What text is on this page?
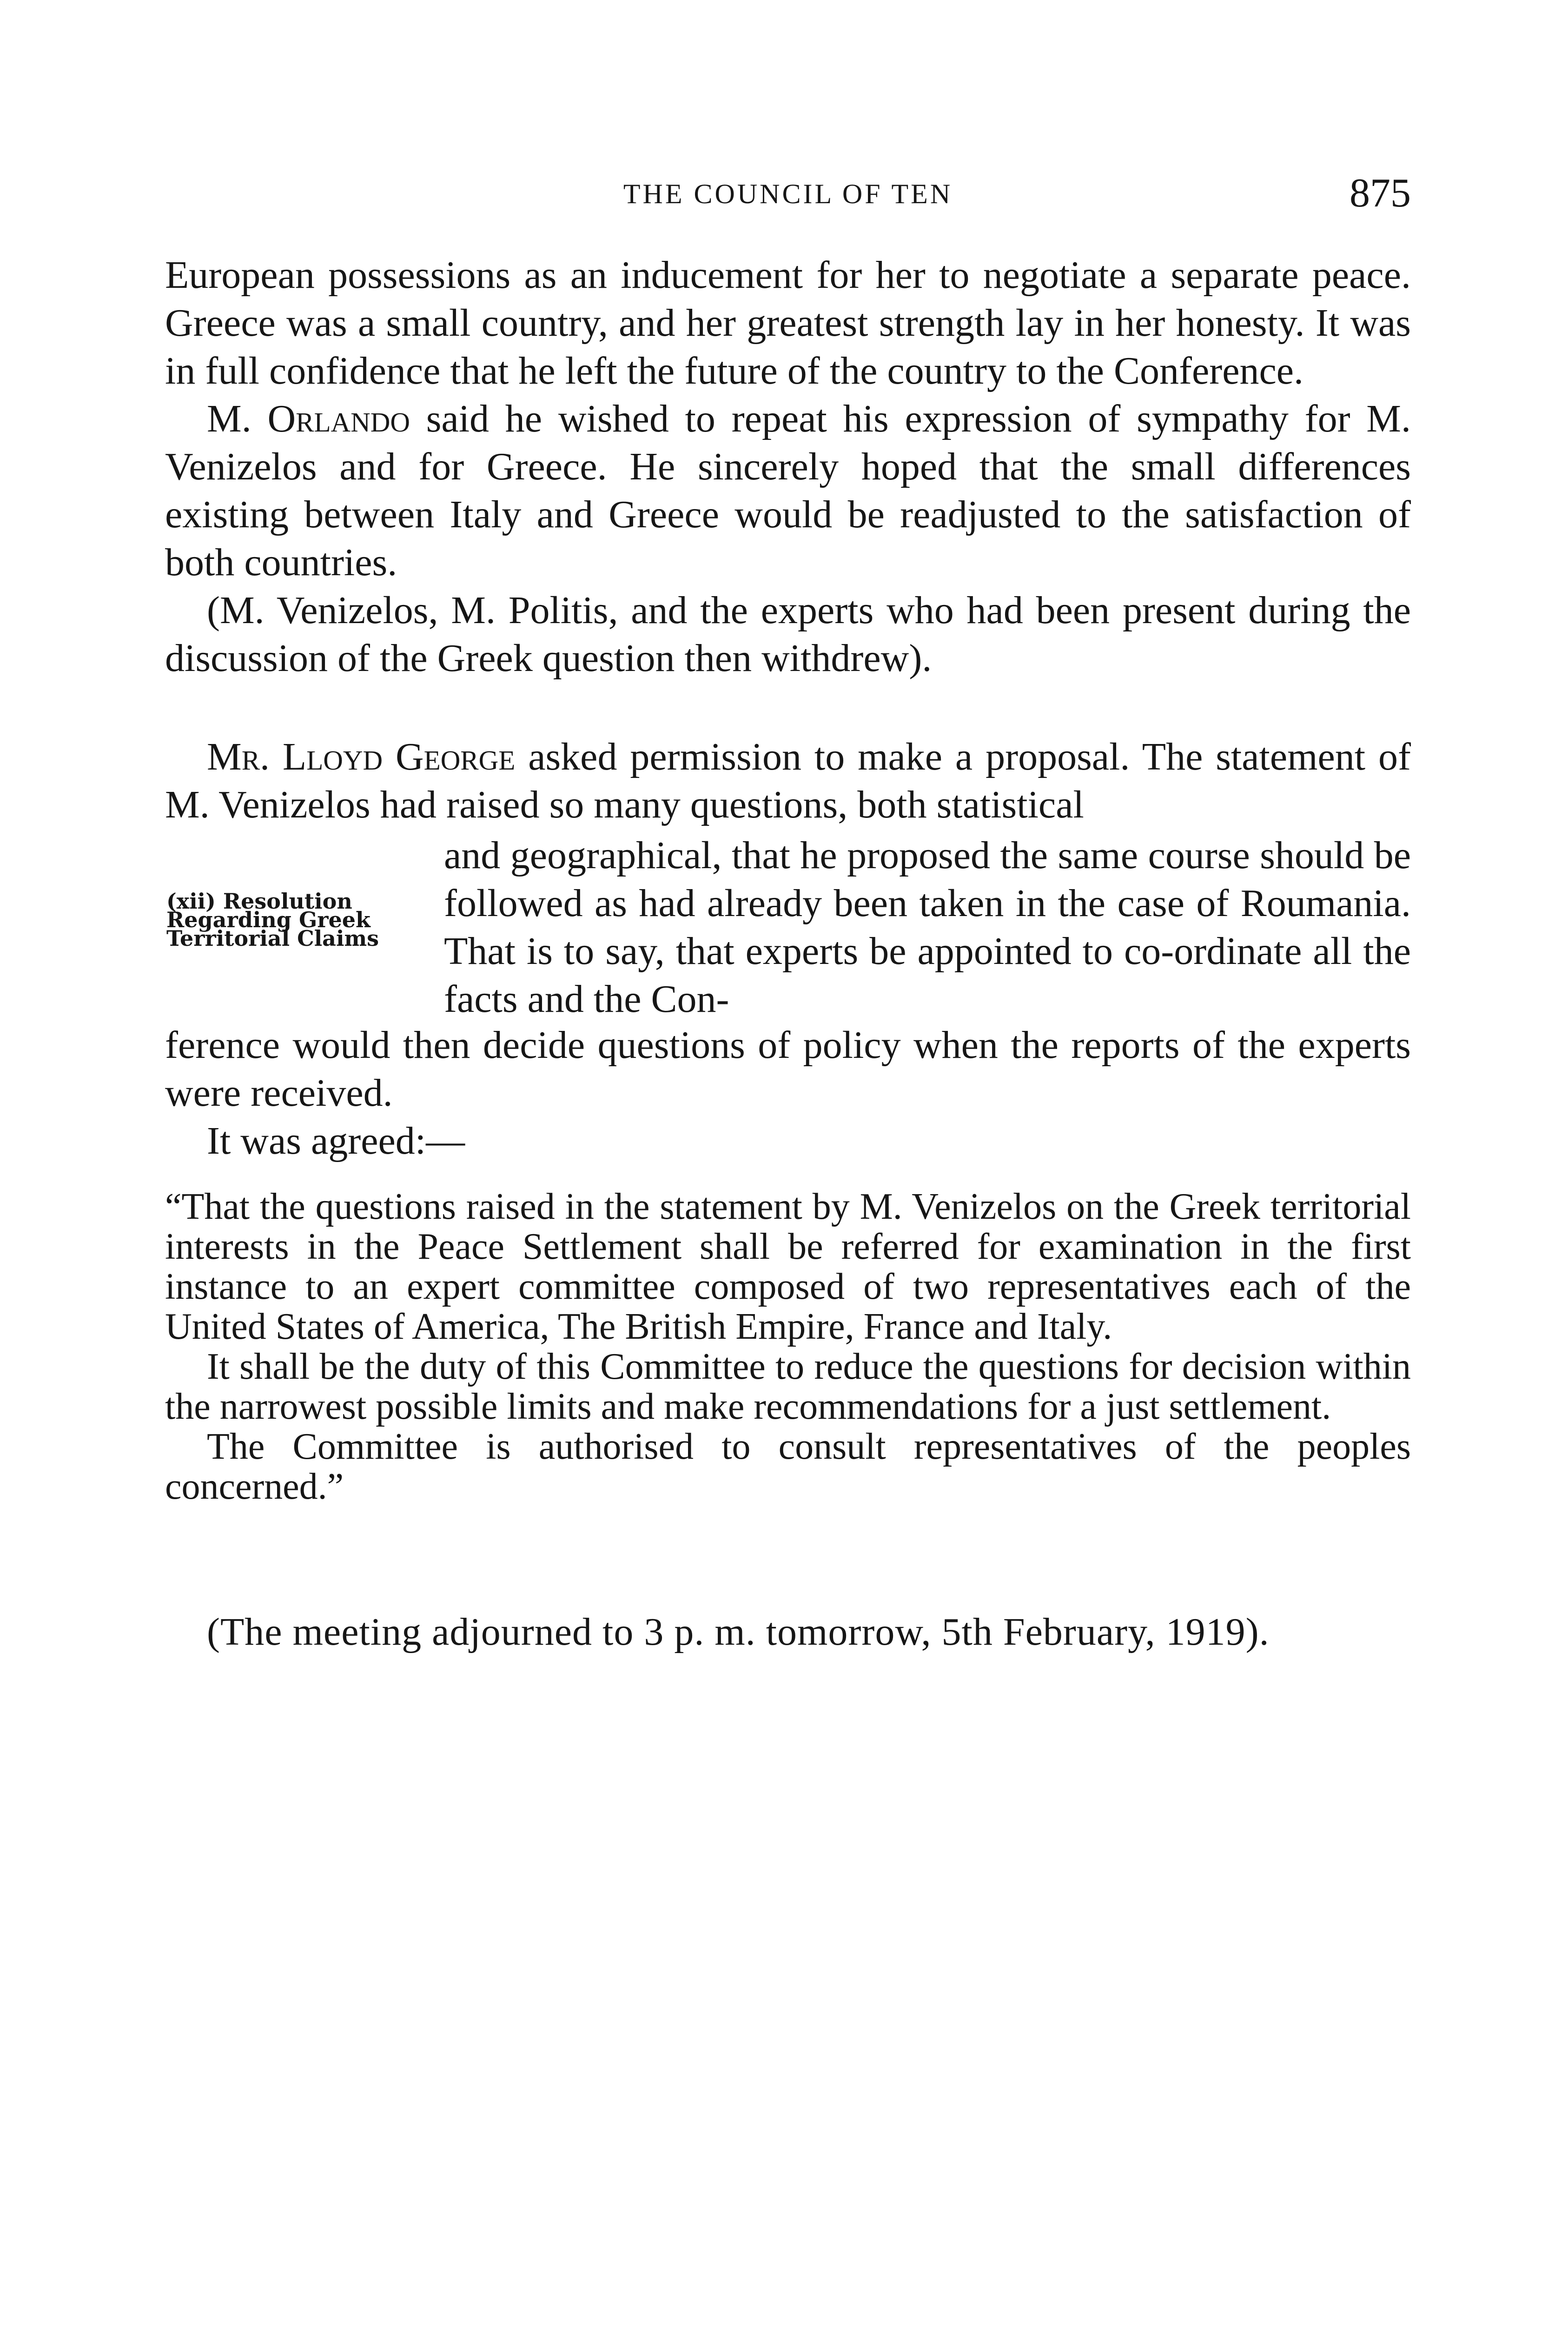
THE COUNCIL OF TEN	875

European possessions as an inducement for her to negotiate a separate peace. Greece was a small country, and her greatest strength lay in her honesty. It was in full confidence that he left the future of the country to the Conference.

M. Orlando said he wished to repeat his expression of sympathy for M. Venizelos and for Greece. He sincerely hoped that the small differences existing between Italy and Greece would be readjusted to the satisfaction of both countries.

(M. Venizelos, M. Politis, and the experts who had been present during the discussion of the Greek question then withdrew).

Mr. Lloyd George asked permission to make a proposal. The statement of M. Venizelos had raised so many questions, both statistical

and geographical, that he proposed the same course should be followed as had already been taken in the case of Roumania. That is to say, that experts be appointed to co-ordinate all the facts and the Con-

(xii) Resolution
Regarding Greek
Territorial Claims

ference would then decide questions of policy when the reports of the experts were received.

It was agreed:—

“That the questions raised in the statement by M. Venizelos on the Greek territorial interests in the Peace Settlement shall be referred for examination in the first instance to an expert committee composed of two representatives each of the United States of America, The British Empire, France and Italy.

It shall be the duty of this Committee to reduce the questions for decision within the narrowest possible limits and make recommendations for a just settlement.

The Committee is authorised to consult representatives of the peoples concerned.”

(The meeting adjourned to 3 p. m. tomorrow, 5th February, 1919).
